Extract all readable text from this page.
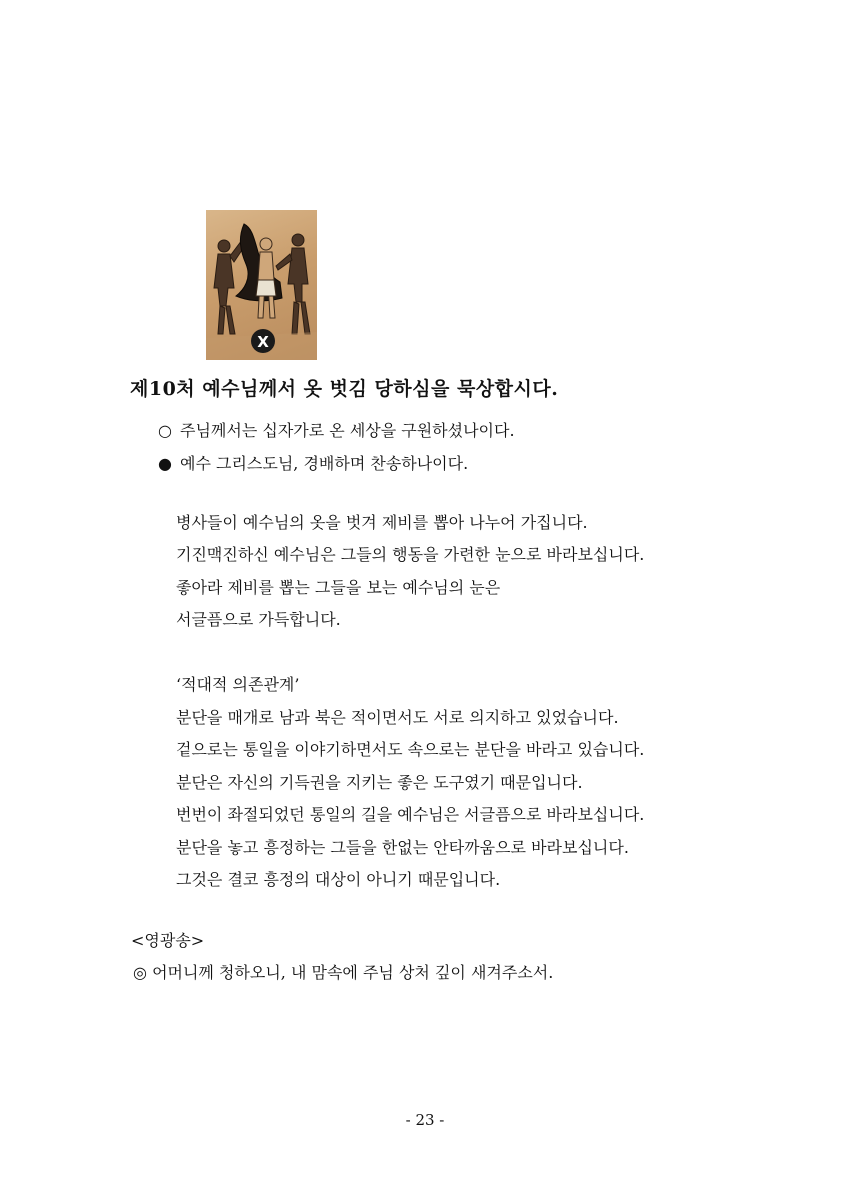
X
제10처 예수님께서 옷 벗김 당하심을 묵상합시다.
○ 주님께서는 십자가로 온 세상을 구원하셨나이다.
● 예수 그리스도님, 경배하며 찬송하나이다.
병사들이 예수님의 옷을 벗겨 제비를 뽑아 나누어 가집니다.
기진맥진하신 예수님은 그들의 행동을 가련한 눈으로 바라보십니다.
좋아라 제비를 뽑는 그들을 보는 예수님의 눈은
서글픔으로 가득합니다.
‘적대적 의존관계’
분단을 매개로 남과 북은 적이면서도 서로 의지하고 있었습니다.
겉으로는 통일을 이야기하면서도 속으로는 분단을 바라고 있습니다.
분단은 자신의 기득권을 지키는 좋은 도구였기 때문입니다.
번번이 좌절되었던 통일의 길을 예수님은 서글픔으로 바라보십니다.
분단을 놓고 흥정하는 그들을 한없는 안타까움으로 바라보십니다.
그것은 결코 흥정의 대상이 아니기 때문입니다.
<영광송>
◎ 어머니께 청하오니, 내 맘속에 주님 상처 깊이 새겨주소서.
- 23 -
